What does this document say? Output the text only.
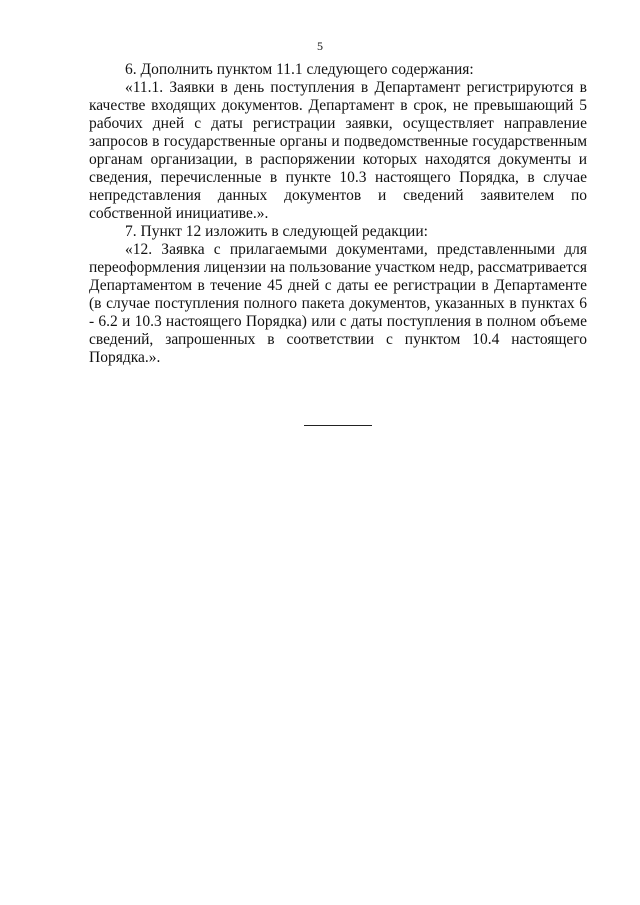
5

6. Дополнить пунктом 11.1 следующего содержания:

«11.1. Заявки в день поступления в Департамент регистрируются в качестве входящих документов. Департамент в срок, не превышающий 5 рабочих дней с даты регистрации заявки, осуществляет направление запросов в государственные органы и подведомственные государственным органам организации, в распоряжении которых находятся документы и сведения, перечисленные в пункте 10.3 настоящего Порядка, в случае непредставления данных документов и сведений заявителем по собственной инициативе.».

7. Пункт 12 изложить в следующей редакции:

«12. Заявка с прилагаемыми документами, представленными для переоформления лицензии на пользование участком недр, рассматривается Департаментом в течение 45 дней с даты ее регистрации в Департаменте (в случае поступления полного пакета документов, указанных в пунктах 6 - 6.2 и 10.3 настоящего Порядка) или с даты поступления в полном объеме сведений, запрошенных в соответствии с пунктом 10.4 настоящего Порядка.».
